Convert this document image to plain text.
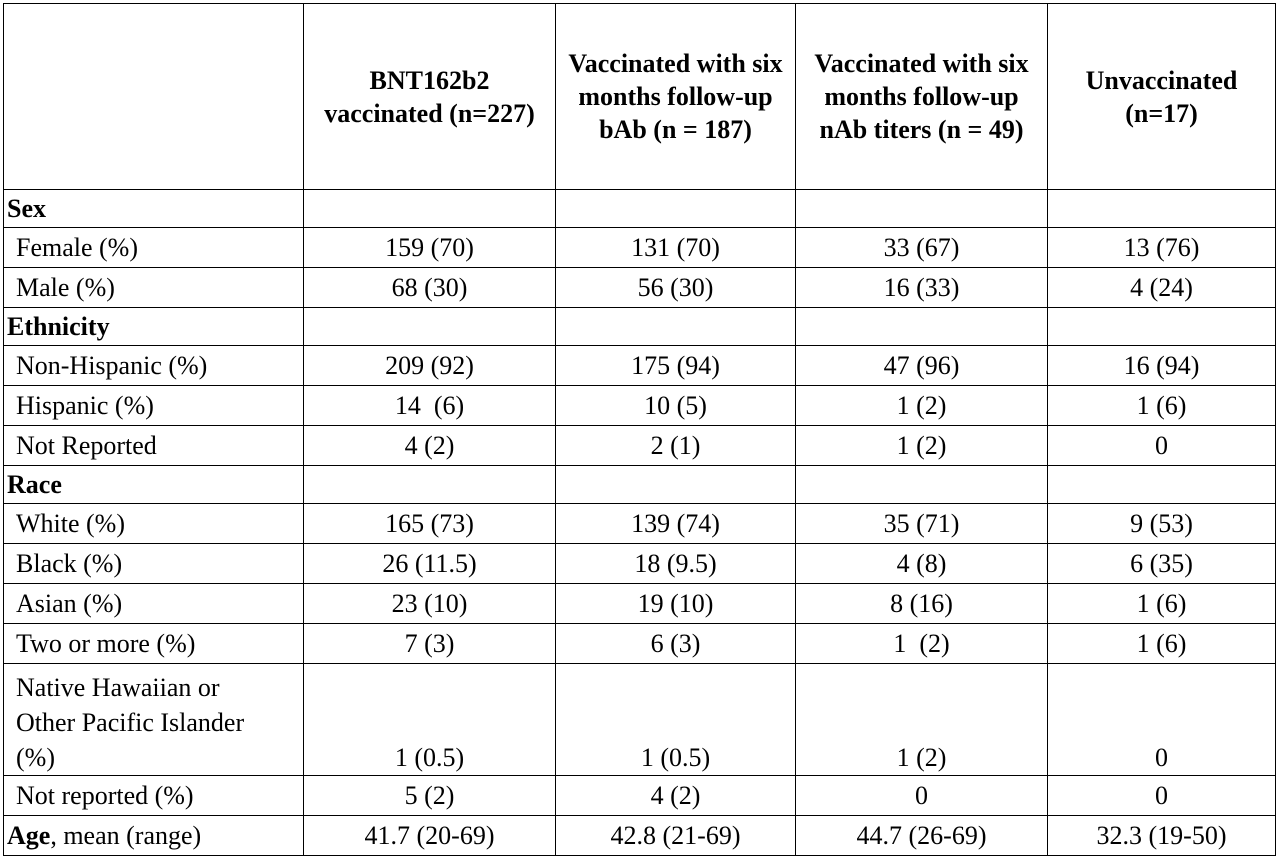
	BNT162b2 vaccinated (n=227)	Vaccinated with six months follow-up bAb (n = 187)	Vaccinated with six months follow-up nAb titers (n = 49)	Unvaccinated (n=17)
Sex				
Female (%)	159 (70)	131 (70)	33 (67)	13 (76)
Male (%)	68 (30)	56 (30)	16 (33)	4 (24)
Ethnicity				
Non-Hispanic (%)	209 (92)	175 (94)	47 (96)	16 (94)
Hispanic (%)	14  (6)	10 (5)	1 (2)	1 (6)
Not Reported	4 (2)	2 (1)	1 (2)	0
Race				
White (%)	165 (73)	139 (74)	35 (71)	9 (53)
Black (%)	26 (11.5)	18 (9.5)	4 (8)	6 (35)
Asian (%)	23 (10)	19 (10)	8 (16)	1 (6)
Two or more (%)	7 (3)	6 (3)	1  (2)	1 (6)

Native Hawaiian or
Other Pacific Islander
(%)	1 (0.5)	1 (0.5)	1 (2)	0
Not reported (%)	5 (2)	4 (2)	0	0
Age, mean (range)	41.7 (20-69)	42.8 (21-69)	44.7 (26-69)	32.3 (19-50)
